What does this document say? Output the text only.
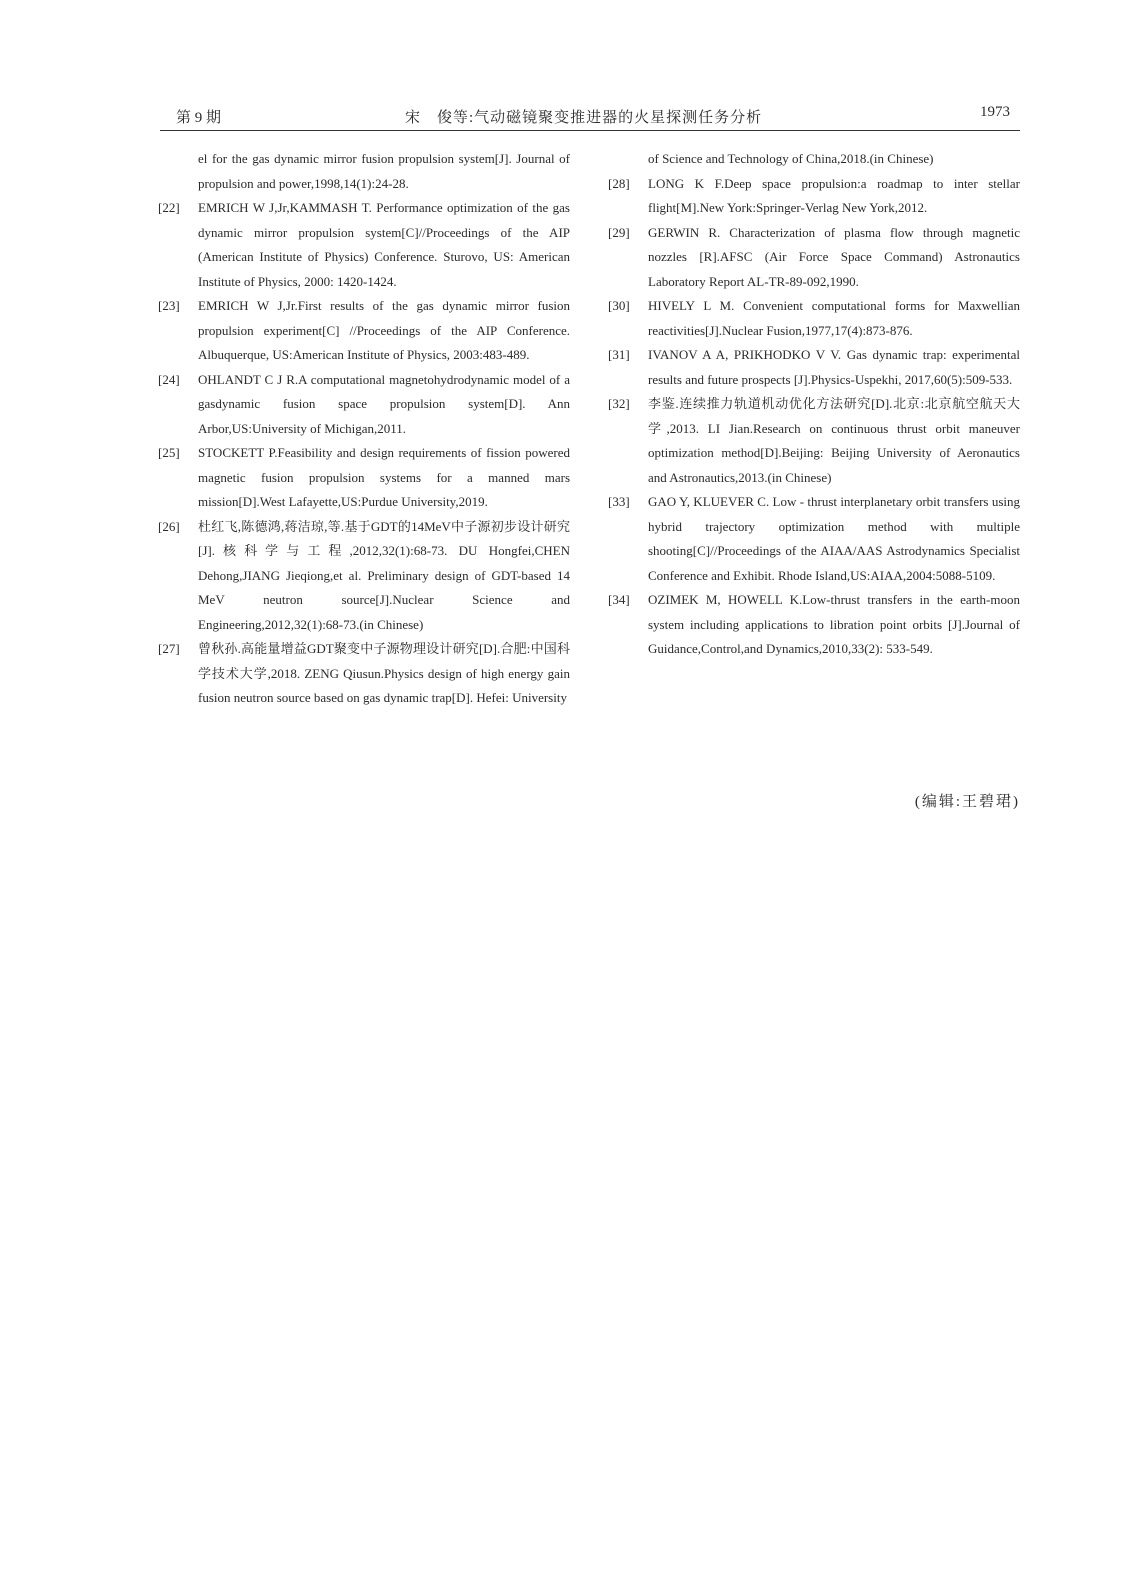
第 9 期	宋　俊等:气动磁镜聚变推进器的火星探测任务分析	1973
el for the gas dynamic mirror fusion propulsion system[J]. Journal of propulsion and power,1998,14(1):24-28.
[22] EMRICH W J,Jr,KAMMASH T. Performance optimization of the gas dynamic mirror propulsion system[C]//Proceedings of the AIP (American Institute of Physics) Conference. Sturovo, US: American Institute of Physics, 2000: 1420-1424.
[23] EMRICH W J,Jr.First results of the gas dynamic mirror fusion propulsion experiment[C] //Proceedings of the AIP Conference. Albuquerque, US:American Institute of Physics, 2003:483-489.
[24] OHLANDT C J R.A computational magnetohydrodynamic model of a gasdynamic fusion space propulsion system[D]. Ann Arbor,US:University of Michigan,2011.
[25] STOCKETT P.Feasibility and design requirements of fission powered magnetic fusion propulsion systems for a manned mars mission[D].West Lafayette,US:Purdue University,2019.
[26] 杜红飞,陈德鸿,蒋洁琼,等.基于GDT的14MeV中子源初步设计研究[J].核科学与工程,2012,32(1):68-73. DU Hongfei,CHEN Dehong,JIANG Jieqiong,et al. Preliminary design of GDT-based 14 MeV neutron source[J].Nuclear Science and Engineering,2012,32(1):68-73.(in Chinese)
[27] 曾秋孙.高能量增益GDT聚变中子源物理设计研究[D].合肥:中国科学技术大学,2018. ZENG Qiusun.Physics design of high energy gain fusion neutron source based on gas dynamic trap[D]. Hefei: University
of Science and Technology of China,2018.(in Chinese)
[28] LONG K F.Deep space propulsion:a roadmap to inter stellar flight[M].New York:Springer-Verlag New York,2012.
[29] GERWIN R. Characterization of plasma flow through magnetic nozzles [R].AFSC (Air Force Space Command) Astronautics Laboratory Report AL-TR-89-092,1990.
[30] HIVELY L M. Convenient computational forms for Maxwellian reactivities[J].Nuclear Fusion,1977,17(4):873-876.
[31] IVANOV A A, PRIKHODKO V V. Gas dynamic trap: experimental results and future prospects [J].Physics-Uspekhi, 2017,60(5):509-533.
[32] 李鉴.连续推力轨道机动优化方法研究[D].北京:北京航空航天大学,2013. LI Jian.Research on continuous thrust orbit maneuver optimization method[D].Beijing: Beijing University of Aeronautics and Astronautics,2013.(in Chinese)
[33] GAO Y, KLUEVER C. Low - thrust interplanetary orbit transfers using hybrid trajectory optimization method with multiple shooting[C]//Proceedings of the AIAA/AAS Astrodynamics Specialist Conference and Exhibit. Rhode Island,US:AIAA,2004:5088-5109.
[34] OZIMEK M, HOWELL K.Low-thrust transfers in the earth-moon system including applications to libration point orbits [J].Journal of Guidance,Control,and Dynamics,2010,33(2): 533-549.
(编辑:王碧珺)
